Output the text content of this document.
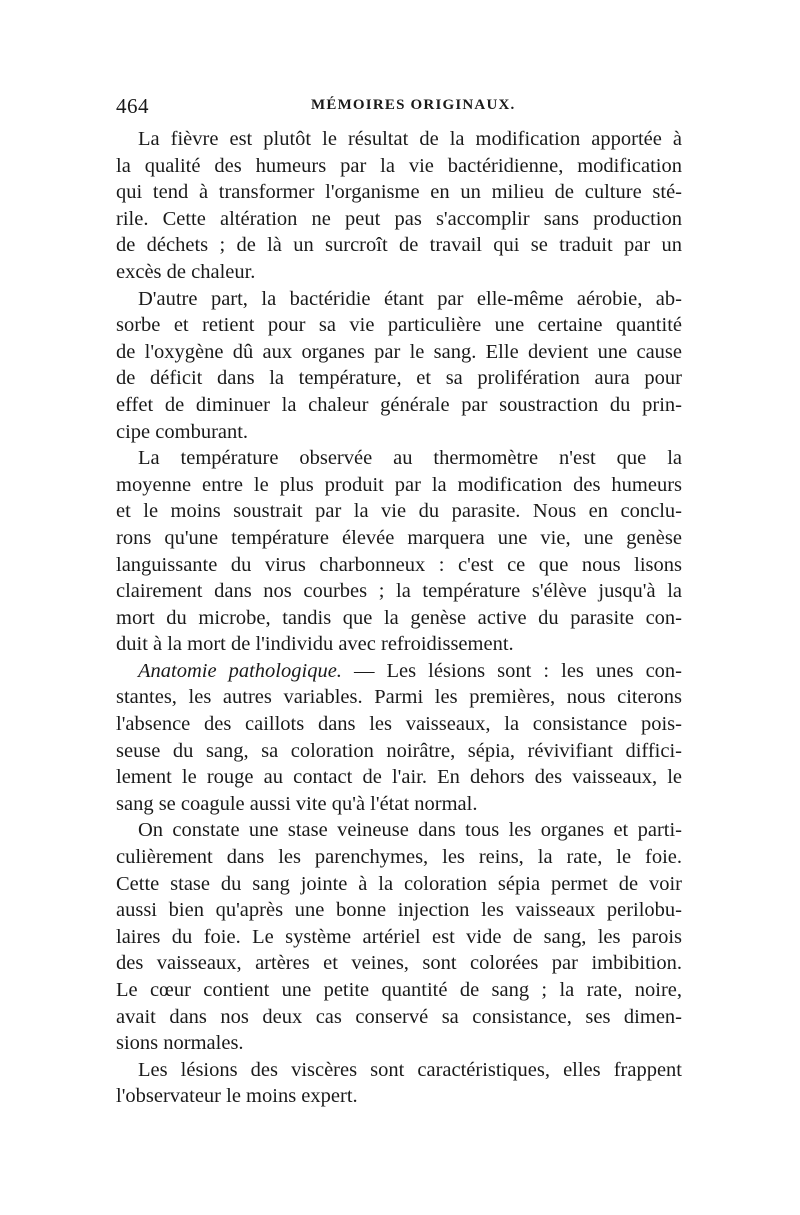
464	MÉMOIRES ORIGINAUX.
La fièvre est plutôt le résultat de la modification apportée à
la qualité des humeurs par la vie bactéridienne, modification
qui tend à transformer l'organisme en un milieu de culture sté-
rile. Cette altération ne peut pas s'accomplir sans production
de déchets ; de là un surcroît de travail qui se traduit par un
excès de chaleur.
D'autre part, la bactéridie étant par elle-même aérobie, ab-
sorbe et retient pour sa vie particulière une certaine quantité
de l'oxygène dû aux organes par le sang. Elle devient une cause
de déficit dans la température, et sa prolifération aura pour
effet de diminuer la chaleur générale par soustraction du prin-
cipe comburant.
La température observée au thermomètre n'est que la
moyenne entre le plus produit par la modification des humeurs
et le moins soustrait par la vie du parasite. Nous en conclu-
rons qu'une température élevée marquera une vie, une genèse
languissante du virus charbonneux : c'est ce que nous lisons
clairement dans nos courbes ; la température s'élève jusqu'à la
mort du microbe, tandis que la genèse active du parasite con-
duit à la mort de l'individu avec refroidissement.
Anatomie pathologique. — Les lésions sont : les unes con-
stantes, les autres variables. Parmi les premières, nous citerons
l'absence des caillots dans les vaisseaux, la consistance pois-
seuse du sang, sa coloration noirâtre, sépia, révivifiant diffici-
lement le rouge au contact de l'air. En dehors des vaisseaux, le
sang se coagule aussi vite qu'à l'état normal.
On constate une stase veineuse dans tous les organes et parti-
culièrement dans les parenchymes, les reins, la rate, le foie.
Cette stase du sang jointe à la coloration sépia permet de voir
aussi bien qu'après une bonne injection les vaisseaux perilobu-
laires du foie. Le système artériel est vide de sang, les parois
des vaisseaux, artères et veines, sont colorées par imbibition.
Le cœur contient une petite quantité de sang ; la rate, noire,
avait dans nos deux cas conservé sa consistance, ses dimen-
sions normales.
Les lésions des viscères sont caractéristiques, elles frappent
l'observateur le moins expert.
